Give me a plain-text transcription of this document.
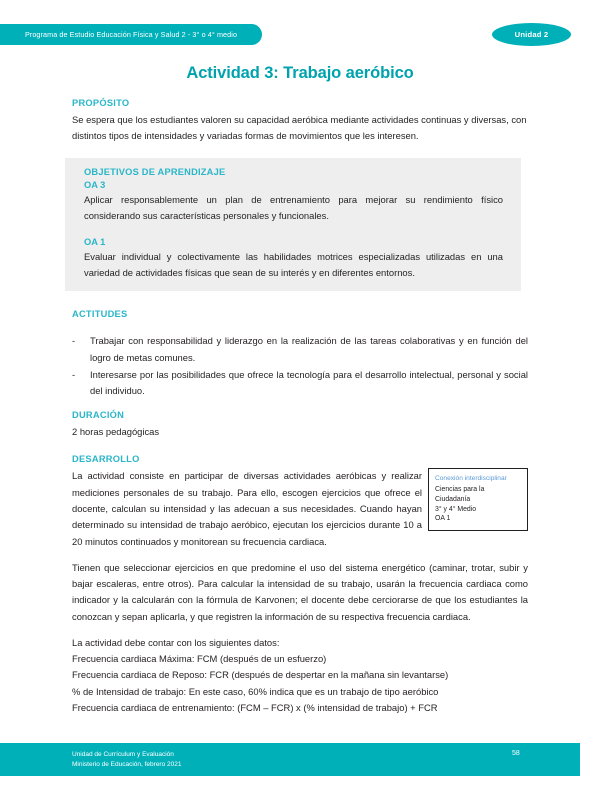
Programa de Estudio Educación Física y Salud 2 - 3° o 4° medio	Unidad 2
Actividad 3: Trabajo aeróbico

PROPÓSITO

Se espera que los estudiantes valoren su capacidad aeróbica mediante actividades continuas y diversas, con distintos tipos de intensidades y variadas formas de movimientos que les interesen.

OBJETIVOS DE APRENDIZAJE

OA 3

Aplicar responsablemente un plan de entrenamiento para mejorar su rendimiento físico considerando sus características personales y funcionales.

OA 1

Evaluar individual y colectivamente las habilidades motrices especializadas utilizadas en una variedad de actividades físicas que sean de su interés y en diferentes entornos.

ACTITUDES

-	Trabajar con responsabilidad y liderazgo en la realización de las tareas colaborativas y en función del logro de metas comunes.
-	Interesarse por las posibilidades que ofrece la tecnología para el desarrollo intelectual, personal y social del individuo.

DURACIÓN

2 horas pedagógicas

DESARROLLO

La actividad consiste en participar de diversas actividades aeróbicas y realizar mediciones personales de su trabajo. Para ello, escogen ejercicios que ofrece el docente, calculan su intensidad y las adecuan a sus necesidades. Cuando hayan determinado su intensidad de trabajo aeróbico, ejecutan los ejercicios durante 10 a 20 minutos continuados y monitorean su frecuencia cardiaca.

Conexión interdisciplinar

Ciencias para la Ciudadanía

3° y 4° Medio

OA 1

Tienen que seleccionar ejercicios en que predomine el uso del sistema energético (caminar, trotar, subir y bajar escaleras, entre otros). Para calcular la intensidad de su trabajo, usarán la frecuencia cardiaca como indicador y la calcularán con la fórmula de Karvonen; el docente debe cerciorarse de que los estudiantes la conozcan y sepan aplicarla, y que registren la información de su respectiva frecuencia cardiaca.

La actividad debe contar con los siguientes datos:

Frecuencia cardiaca Máxima: FCM (después de un esfuerzo)

Frecuencia cardiaca de Reposo: FCR (después de despertar en la mañana sin levantarse)

% de Intensidad de trabajo: En este caso, 60% indica que es un trabajo de tipo aeróbico

Frecuencia cardiaca de entrenamiento: (FCM – FCR) x (% intensidad de trabajo) + FCR

Unidad de Currículum y Evaluación
Ministerio de Educación, febrero 2021
58
